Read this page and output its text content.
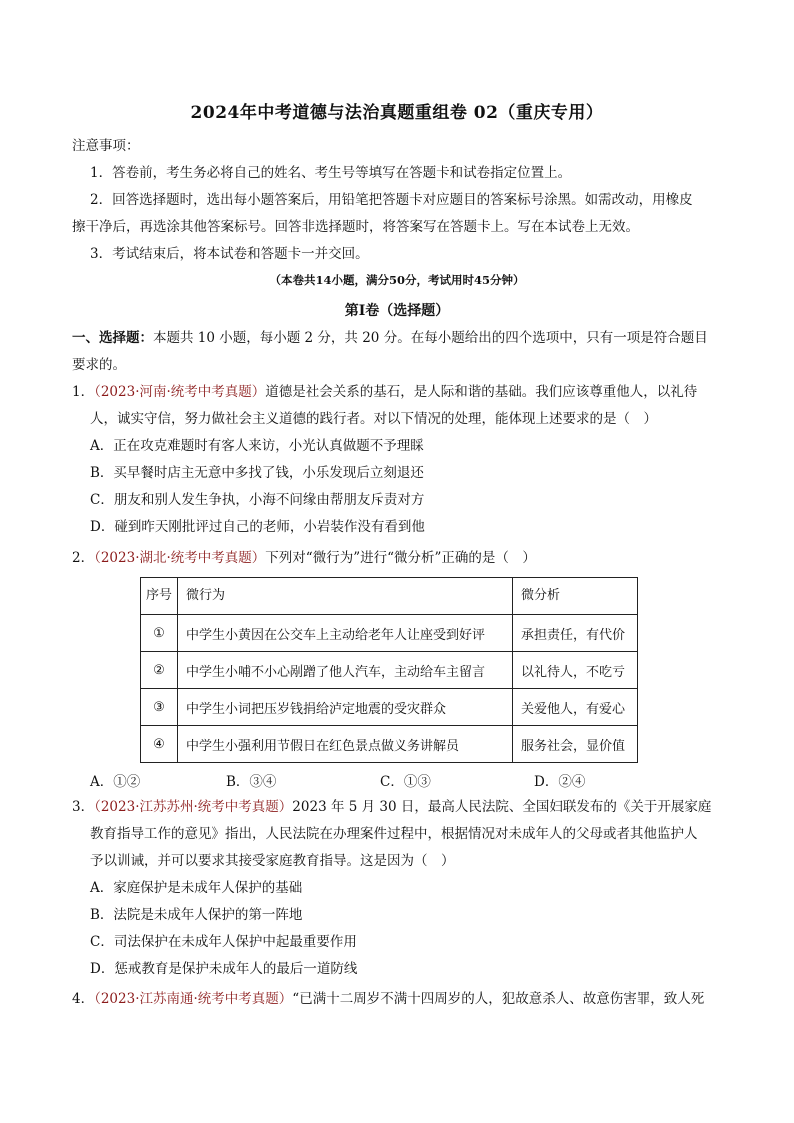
2024年中考道德与法治真题重组卷 02（重庆专用）
注意事项：
1．答卷前，考生务必将自己的姓名、考生号等填写在答题卡和试卷指定位置上。
2．回答选择题时，选出每小题答案后，用铅笔把答题卡对应题目的答案标号涂黑。如需改动，用橡皮
擦干净后，再选涂其他答案标号。回答非选择题时，将答案写在答题卡上。写在本试卷上无效。
3．考试结束后，将本试卷和答题卡一并交回。
（本卷共14小题，满分50分，考试用时45分钟）
第I卷（选择题）
一、选择题：本题共 10 小题，每小题 2 分，共 20 分。在每小题给出的四个选项中，只有一项是符合题目
要求的。
1．（2023·河南·统考中考真题）道德是社会关系的基石，是人际和谐的基础。我们应该尊重他人，以礼待
人，诚实守信，努力做社会主义道德的践行者。对以下情况的处理，能体现上述要求的是（　）
A．正在攻克难题时有客人来访，小光认真做题不予理睬
B．买早餐时店主无意中多找了钱，小乐发现后立刻退还
C．朋友和别人发生争执，小海不问缘由帮朋友斥责对方
D．碰到昨天刚批评过自己的老师，小岩装作没有看到他
2．（2023·湖北·统考中考真题）下列对“微行为”进行“微分析”正确的是（　）
序号	微行为	微分析
①	中学生小黄因在公交车上主动给老年人让座受到好评	承担责任，有代价
②	中学生小哺不小心剐蹭了他人汽车，主动给车主留言	以礼待人，不吃亏
③	中学生小词把压岁钱捐给泸定地震的受灾群众	关爱他人，有爱心
④	中学生小强利用节假日在红色景点做义务讲解员	服务社会，显价值
A．①②	B．③④	C．①③	D．②④
3．（2023·江苏苏州·统考中考真题）2023 年 5 月 30 日，最高人民法院、全国妇联发布的《关于开展家庭
教育指导工作的意见》指出，人民法院在办理案件过程中，根据情况对未成年人的父母或者其他监护人
予以训诫，并可以要求其接受家庭教育指导。这是因为（　）
A．家庭保护是未成年人保护的基础
B．法院是未成年人保护的第一阵地
C．司法保护在未成年人保护中起最重要作用
D．惩戒教育是保护未成年人的最后一道防线
4．（2023·江苏南通·统考中考真题）“已满十二周岁不满十四周岁的人，犯故意杀人、故意伤害罪，致人死
